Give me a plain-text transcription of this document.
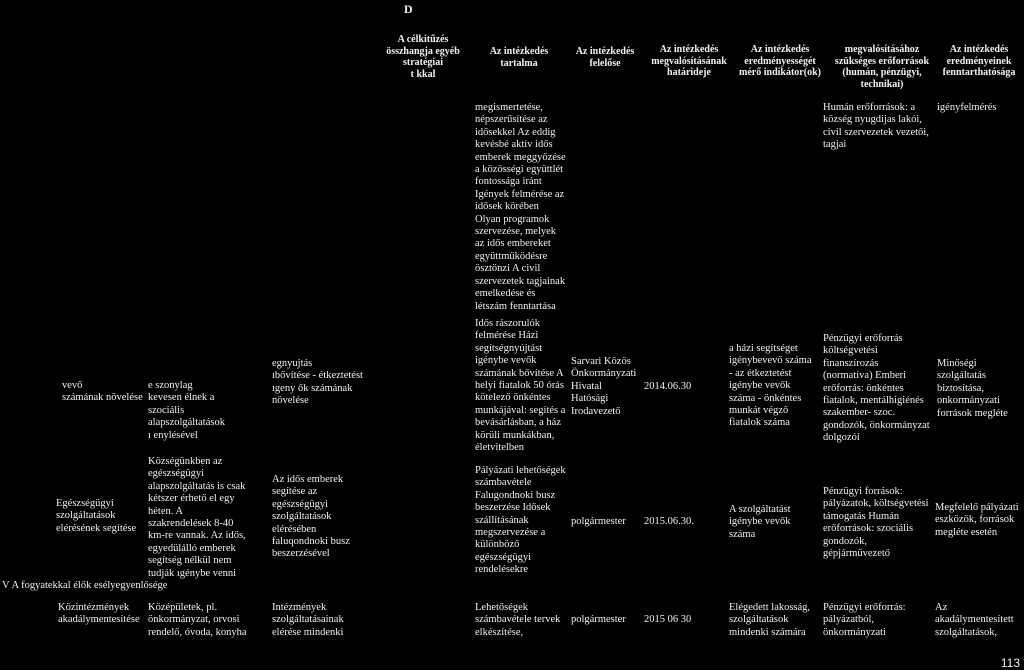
D
A célkitűzés
összhangja egyéb
stratégiai
t kkal
Az intézkedés
tartalma
Az intézkedés
felelőse
Az intézkedés
megvalósításának
határideje
Az intézkedés
eredményességét
mérő indikátor(ok)
megvalósításához
szükséges erőforrások
(humán, pénzügyi,
technikai)
Az intézkedés
eredményeinek
fenntarthatósága
megismertetése,
népszerűsítése az
idősekkel Az eddig
kevésbé aktív idős
emberek meggyőzése
a közösségi együttlét
fontossága iránt
Igények felmérése az
idősek körében
Olyan programok
szervezése, melyek
az idős embereket
együttműködésre
ösztönzi A civil
szervezetek tagjainak
emelkedése és
létszám fenntartása
Humán erőforrások: a
község nyugdíjas lakói,
civil szervezetek vezetői,
tagjai
igényfelmérés
vevő
számának növelése
e szonylag
kevesen élnek a
szociális
alapszolgáltatások
ı enylésével
egnyujtás
ıbővítése - étkeztetést
ıgeny ők számának
növelése
Idős rászorulók
felmérése Házi
segítségnyújtást
igénybe vevők
számának bővítése A
helyi fiatalok 50 órás
kötelező önkéntes
munkájával: segítés a
bevásárlásban, a ház
körüli munkákban,
életvitelben
Sarvari Közös
Önkormányzati
Hivatal
Hatósági
Irodavezető
2014.06.30
a házi segítséget
igénybevevő száma
- az étkeztetést
igénybe vevők
száma - önkéntes
munkát végző
fiatalok száma
Pénzügyi erőforrás
költségvetési
finanszírozás
(normatíva) Emberi
erőforrás: önkéntes
fiatalok, mentálhigiénés
szakember- szoc.
gondozók, önkormányzat
dolgozói
Minőségi
szolgáltatás
biztosítása,
onkormányzati
források megléte
Egészségügyi
szolgáltatások
elérésének segítése
Községünkben az
egészségügyi
alapszolgáltatás is csak
kétszer érhető el egy
héten. A
szakrendelések 8-40
km-re vannak. Az idős,
egyedülálló emberek
segítség nélkül nem
tudják ıgénybe venni
Az idős emberek
segítése az
egészségügyi
szolgáltatások
elérésében
faluqondnoki busz
beszerzésével
Pályázati lehetőségek
számbavétele
Falugondnoki busz
beszerzése Idősek
szállításának
megszervezése a
különböző
egészségügyi
rendelésekre
polgármester	2015.06.30.
A szolgáltatást
igénybe vevők
száma
Pénzügyi források:
pályázatok, költségvetési
támogatás Humán
erőforrások: szociális
gondozók,
gépjárművezető
Megfelelő pályázati
eszközök, források
megléte esetén
V A fogyatekkal élők esélyegyenlősége
Közintézmények
akadálymentesítése
Középületek, pl.
önkormányzat, orvosi
rendelő, óvoda, konyha
Intézmények
szolgáltatásainak
elérése mindenki
Lehetőségek
számbavétele tervek
elkészítése,
polgármester	2015 06 30
Elégedett lakosság,
szolgáltatások
mindenki számára
Pénzügyi erőforrás:
pályázatból,
önkormányzati
Az
akadálymentesített
szolgáltatások,
113
